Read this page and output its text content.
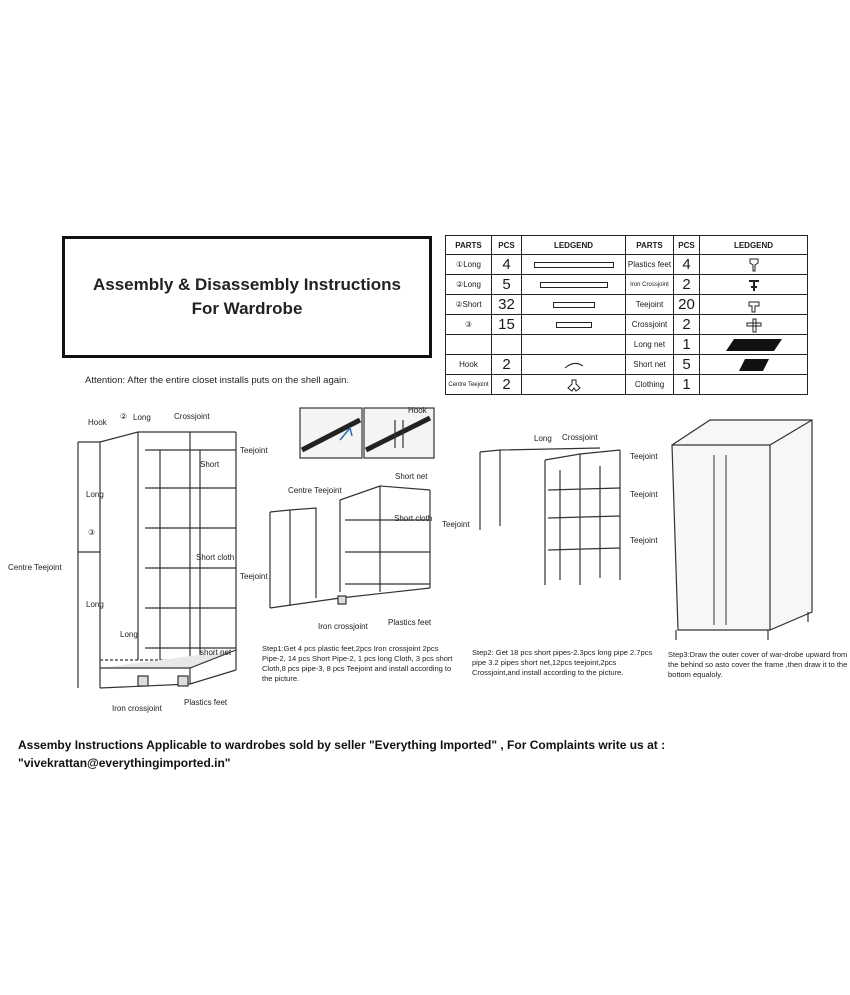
Assembly & Disassembly Instructions
For Wardrobe
Attention: After the entire closet installs puts on the shell again.
PARTS	PCS	LEDGEND	PARTS	PCS	LEDGEND
①Long	4		Plastics feet	4	
②Long	5		Iron Crossjoint	2	
②Short	32		Teejoint	20	
③	15		Crossjoint	2	
			Long net	1	
Hook	2		Short net	5	
Centre Teejoint	2		Clothing	1	
Hook
② Long	Crossjoint
Teejoint
Short
Long
③
Centre Teejoint
Short cloth
Teejoint
Long
Long
short net
Iron crossjoint
Plastics feet
Hook
Short net
Centre Teejoint
Short cloth
Teejoint
Iron crossjoint	Plastics feet
Long Crossjoint
Teejoint
Teejoint
Teejoint
Step1:Get 4 pcs plastic feet,2pcs Iron crossjoint 2pcs Pipe-2, 14 pcs Short Pipe-2, 1 pcs long Cloth, 3 pcs short Cloth,8 pcs pipe-3, 8 pcs Teejoint and install according to the picture.
Step2: Get 18 pcs short pipes-2.3pcs long pipe 2.7pcs pipe 3.2 pipes short net,12pcs teejoint,2pcs Crossjoint,and install according to the picture.
Step3:Draw the outer cover of war-drobe upward from the behind so asto cover the frame ,then draw it to the bottom equaloly.
Assemby Instructions Applicable to wardrobes sold by seller "Everything Imported" , For Complaints write us at :
"vivekrattan@everythingimported.in"
